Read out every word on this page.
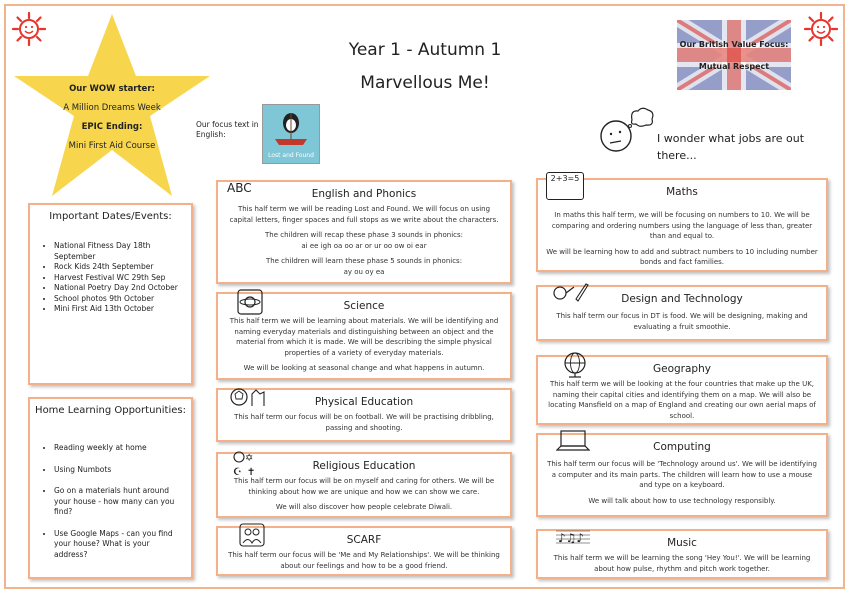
Our WOW starter:
A Million Dreams Week
EPIC Ending:
Mini First Aid Course
Year 1 - Autumn 1
Marvellous Me!
Our British Value Focus:
Mutual Respect
Our focus text in English:
Lost and Found
I wonder what jobs are out there...
Important Dates/Events:
• National Fitness Day 18th September
• Rock Kids 24th September
• Harvest Festival WC 29th Sep
• National Poetry Day 2nd October
• School photos 9th October
• Mini First Aid 13th October
Home Learning Opportunities:
• Reading weekly at home
• Using Numbots
• Go on a materials hunt around your house - how many can you find?
• Use Google Maps - can you find your house? What is your address?
ABC	English and Phonics

This half term we will be reading Lost and Found. We will focus on using capital letters, finger spaces and full stops as we write about the characters.

The children will recap these phase 3 sounds in phonics:

ai ee igh oa oo ar or ur oo ow oi ear

The children will learn these phase 5 sounds in phonics:

ay ou oy ea

Science

This half term we will be learning about materials. We will be identifying and naming everyday materials and distinguishing between an object and the material from which it is made. We will be describing the simple physical properties of a variety of everyday materials.

We will be looking at seasonal change and what happens in autumn.

Physical Education

This half term our focus will be on football. We will be practising dribbling, passing and shooting.

✡
☪ ✝
Religious Education

This half term our focus will be on myself and caring for others. We will be thinking about how we are unique and how we can show we care.

We will also discover how people celebrate Diwali.

SCARF

This half term our focus will be 'Me and My Relationships'. We will be thinking about our feelings and how to be a good friend.

2+3=5
Maths

In maths this half term, we will be focusing on numbers to 10. We will be comparing and ordering numbers using the language of less than, greater than and equal to.

We will be learning how to add and subtract numbers to 10 including number bonds and fact families.

Design and Technology

This half term our focus in DT is food. We will be designing, making and evaluating a fruit smoothie.

Geography

This half term we will be looking at the four countries that make up the UK, naming their capital cities and identifying them on a map. We will also be locating Mansfield on a map of England and creating our own aerial maps of school.

Computing

This half term our focus will be 'Technology around us'. We will be identifying a computer and its main parts. The children will learn how to use a mouse and type on a keyboard.

We will talk about how to use technology responsibly.

♪♫♪	Music

This half term we will be learning the song 'Hey You!'. We will be learning about how pulse, rhythm and pitch work together.
